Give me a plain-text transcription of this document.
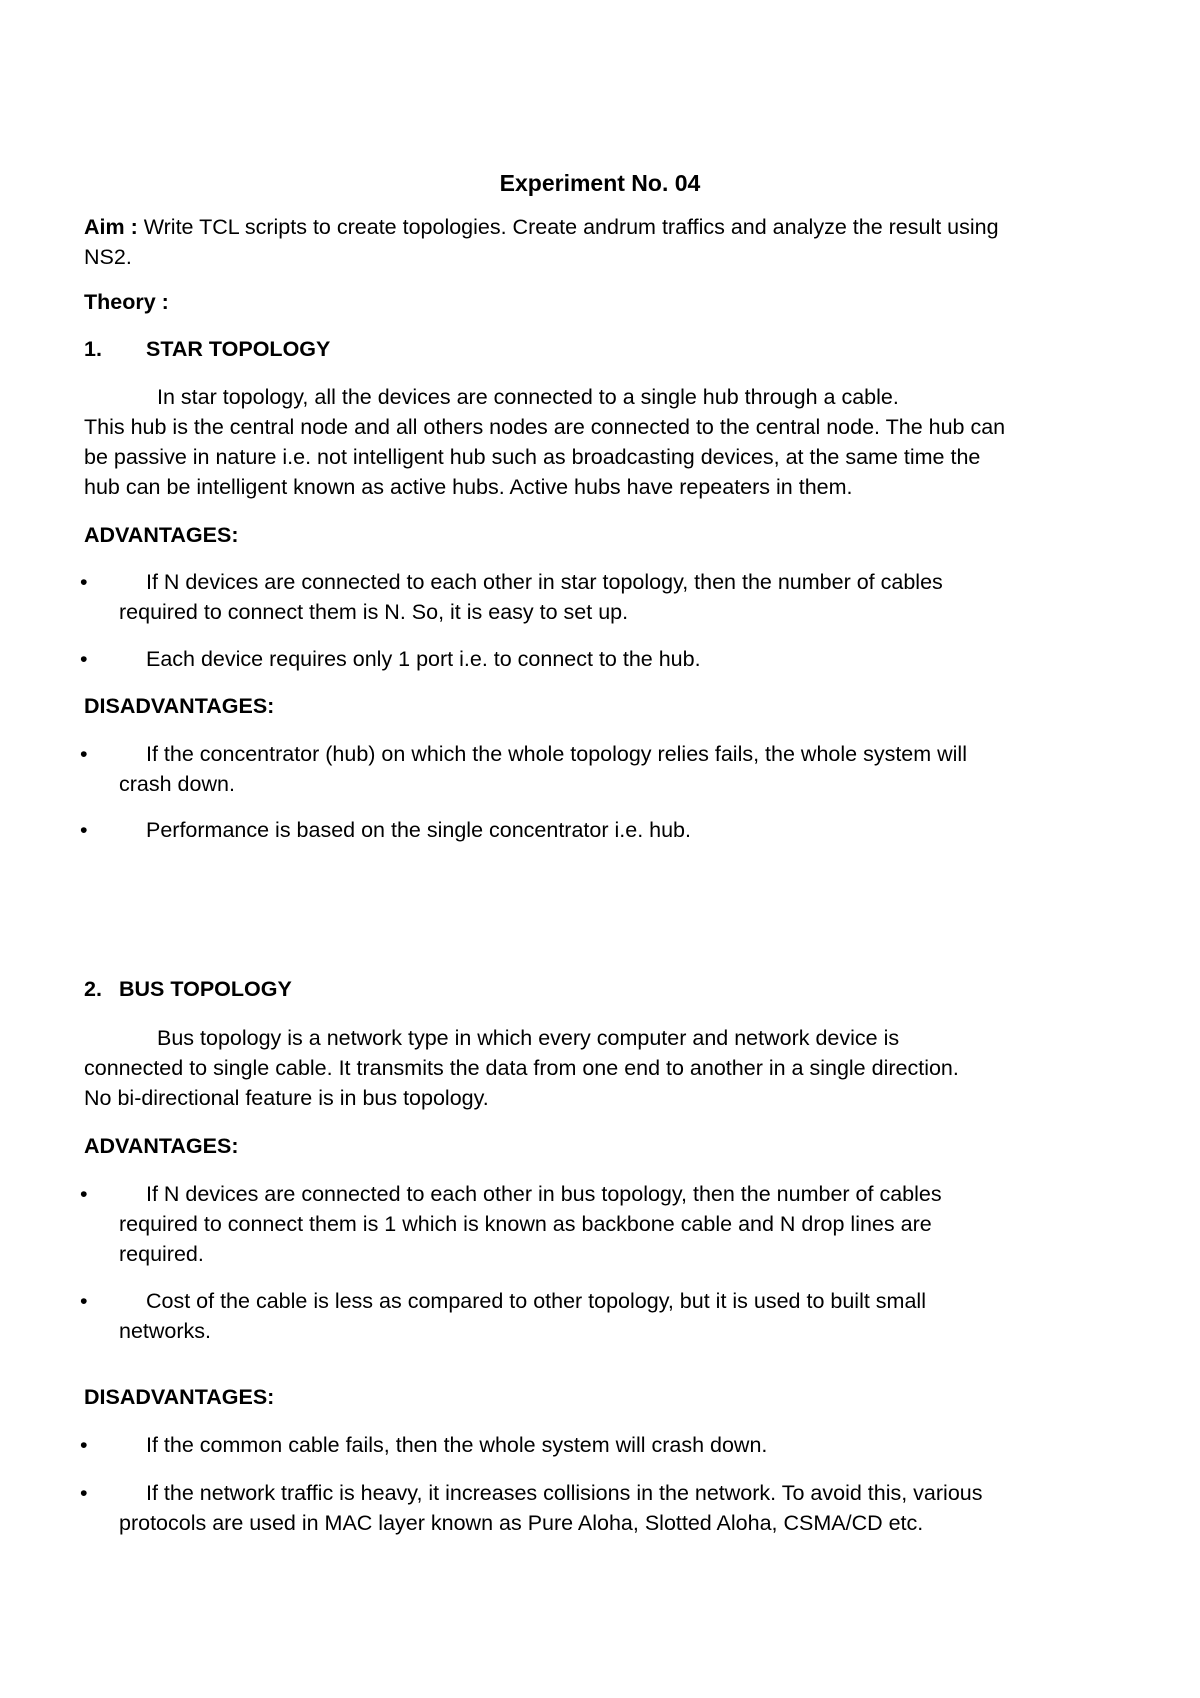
Experiment No. 04
Aim : Write TCL scripts to create topologies. Create andrum traffics and analyze the result using
NS2.
Theory :
1. STAR TOPOLOGY
In star topology, all the devices are connected to a single hub through a cable.
This hub is the central node and all others nodes are connected to the central node. The hub can
be passive in nature i.e. not intelligent hub such as broadcasting devices, at the same time the
hub can be intelligent known as active hubs. Active hubs have repeaters in them.
ADVANTAGES:
•	If N devices are connected to each other in star topology, then the number of cables
required to connect them is N. So, it is easy to set up.
•	Each device requires only 1 port i.e. to connect to the hub.
DISADVANTAGES:
•	If the concentrator (hub) on which the whole topology relies fails, the whole system will
crash down.
•	Performance is based on the single concentrator i.e. hub.
2. BUS TOPOLOGY
Bus topology is a network type in which every computer and network device is
connected to single cable. It transmits the data from one end to another in a single direction.
No bi-directional feature is in bus topology.
ADVANTAGES:
•	If N devices are connected to each other in bus topology, then the number of cables
required to connect them is 1 which is known as backbone cable and N drop lines are
required.
•	Cost of the cable is less as compared to other topology, but it is used to built small
networks.
DISADVANTAGES:
•	If the common cable fails, then the whole system will crash down.
•	If the network traffic is heavy, it increases collisions in the network. To avoid this, various
protocols are used in MAC layer known as Pure Aloha, Slotted Aloha, CSMA/CD etc.
